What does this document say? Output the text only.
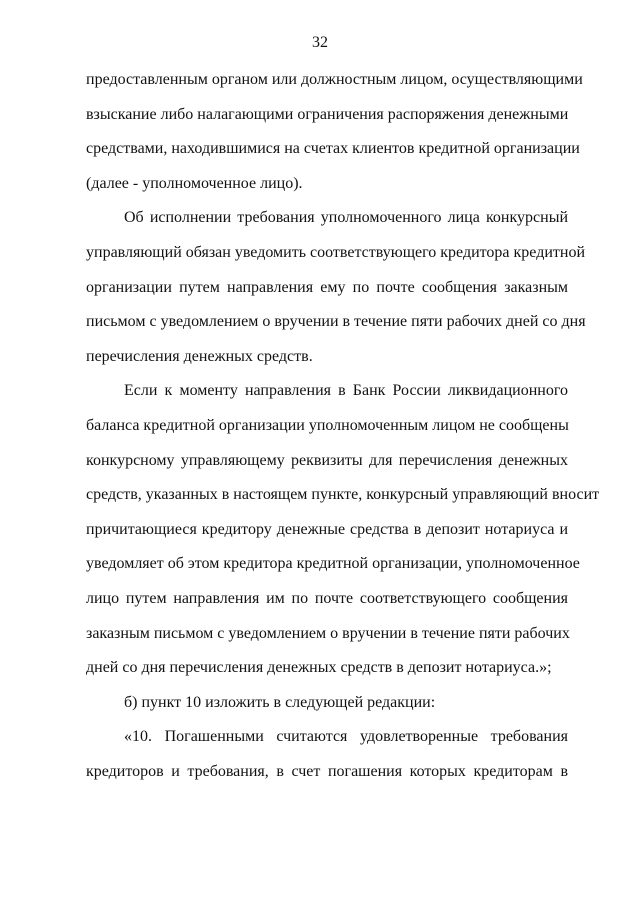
32
предоставленным органом или должностным лицом, осуществляющими
взыскание либо налагающими ограничения распоряжения денежными
средствами, находившимися на счетах клиентов кредитной организации
(далее - уполномоченное лицо).
Об исполнении требования уполномоченного лица конкурсный
управляющий обязан уведомить соответствующего кредитора кредитной
организации путем направления ему по почте сообщения заказным
письмом с уведомлением о вручении в течение пяти рабочих дней со дня
перечисления денежных средств.
Если к моменту направления в Банк России ликвидационного
баланса кредитной организации уполномоченным лицом не сообщены
конкурсному управляющему реквизиты для перечисления денежных
средств, указанных в настоящем пункте, конкурсный управляющий вносит
причитающиеся кредитору денежные средства в депозит нотариуса и
уведомляет об этом кредитора кредитной организации, уполномоченное
лицо путем направления им по почте соответствующего сообщения
заказным письмом с уведомлением о вручении в течение пяти рабочих
дней со дня перечисления денежных средств в депозит нотариуса.»;
б) пункт 10 изложить в следующей редакции:
«10. Погашенными считаются удовлетворенные требования
кредиторов и требования, в счет погашения которых кредиторам в
